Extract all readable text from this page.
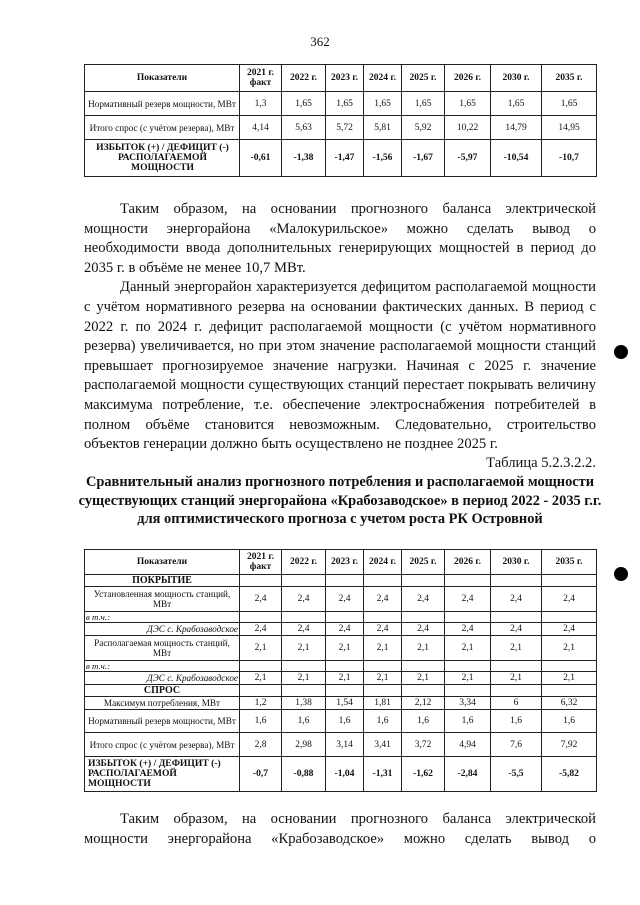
362
Показатели	2021 г. факт	2022 г.	2023 г.	2024 г.	2025 г.	2026 г.	2030 г.	2035 г.
Нормативный резерв мощности, МВт	1,3	1,65	1,65	1,65	1,65	1,65	1,65	1,65
Итого спрос (с учётом резерва), МВт	4,14	5,63	5,72	5,81	5,92	10,22	14,79	14,95
ИЗБЫТОК (+) / ДЕФИЦИТ (-) РАСПОЛАГАЕМОЙ МОЩНОСТИ	-0,61	-1,38	-1,47	-1,56	-1,67	-5,97	-10,54	-10,7

Таким образом, на основании прогнозного баланса электрической мощности энергорайона «Малокурильское» можно сделать вывод о необходимости ввода дополнительных генерирующих мощностей в период до 2035 г. в объёме не менее 10,7 МВт.

Данный энергорайон характеризуется дефицитом располагаемой мощности с учётом нормативного резерва на основании фактических данных. В период с 2022 г. по 2024 г. дефицит располагаемой мощности (с учётом нормативного резерва) увеличивается, но при этом значение располагаемой мощности станций превышает прогнозируемое значение нагрузки. Начиная с 2025 г. значение располагаемой мощности существующих станций перестает покрывать величину максимума потребление, т.е. обеспечение электроснабжения потребителей в полном объёме становится невозможным. Следовательно, строительство объектов генерации должно быть осуществлено не позднее 2025 г.

Таблица 5.2.3.2.2.
Сравнительный анализ прогнозного потребления и располагаемой мощности существующих станций энергорайона «Крабозаводское» в период 2022 - 2035 г.г. для оптимистического прогноза с учетом роста РК Островной
Показатели	2021 г. факт	2022 г.	2023 г.	2024 г.	2025 г.	2026 г.	2030 г.	2035 г.
ПОКРЫТИЕ								
Установленная мощность станций, МВт	2,4	2,4	2,4	2,4	2,4	2,4	2,4	2,4
в т.ч.:								
ДЭС с. Крабозаводское	2,4	2,4	2,4	2,4	2,4	2,4	2,4	2,4
Располагаемая мощность станций, МВт	2,1	2,1	2,1	2,1	2,1	2,1	2,1	2,1
в т.ч.:								
ДЭС с. Крабозаводское	2,1	2,1	2,1	2,1	2,1	2,1	2,1	2,1
СПРОС								
Максимум потребления, МВт	1,2	1,38	1,54	1,81	2,12	3,34	6	6,32
Нормативный резерв мощности, МВт	1,6	1,6	1,6	1,6	1,6	1,6	1,6	1,6
Итого спрос (с учётом резерва), МВт	2,8	2,98	3,14	3,41	3,72	4,94	7,6	7,92
ИЗБЫТОК (+) / ДЕФИЦИТ (-) РАСПОЛАГАЕМОЙ МОЩНОСТИ	-0,7	-0,88	-1,04	-1,31	-1,62	-2,84	-5,5	-5,82

Таким образом, на основании прогнозного баланса электрической мощности энергорайона «Крабозаводское» можно сделать вывод о
